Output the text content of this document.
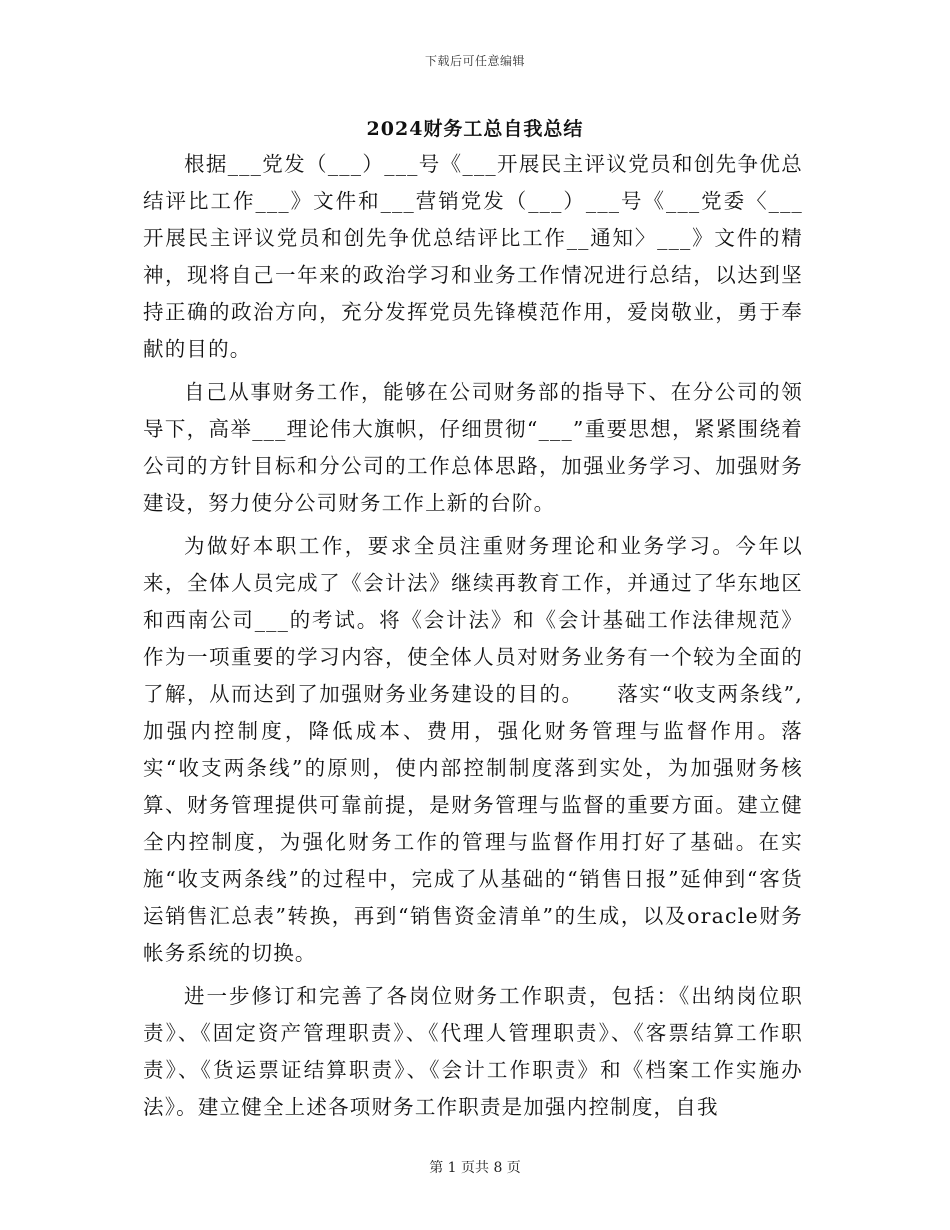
下载后可任意编辑
2024财务工总自我总结

根据___党发（___）___号《___开展民主评议党员和创先争优总结评比工作___》文件和___营销党发（___）___号《___党委〈___开展民主评议党员和创先争优总结评比工作__通知〉___》文件的精神，现将自己一年来的政治学习和业务工作情况进行总结，以达到坚持正确的政治方向，充分发挥党员先锋模范作用，爱岗敬业，勇于奉献的目的。

自己从事财务工作，能够在公司财务部的指导下、在分公司的领导下，高举___理论伟大旗帜，仔细贯彻“___”重要思想，紧紧围绕着公司的方针目标和分公司的工作总体思路，加强业务学习、加强财务建设，努力使分公司财务工作上新的台阶。

为做好本职工作，要求全员注重财务理论和业务学习。今年以来，全体人员完成了《会计法》继续再教育工作，并通过了华东地区和西南公司___的考试。将《会计法》和《会计基础工作法律规范》作为一项重要的学习内容，使全体人员对财务业务有一个较为全面的了解，从而达到了加强财务业务建设的目的。　　落实“收支两条线”,加强内控制度，降低成本、费用，强化财务管理与监督作用。落实“收支两条线”的原则，使内部控制制度落到实处，为加强财务核算、财务管理提供可靠前提，是财务管理与监督的重要方面。建立健全内控制度，为强化财务工作的管理与监督作用打好了基础。在实施“收支两条线”的过程中，完成了从基础的“销售日报”延伸到“客货运销售汇总表”转换，再到“销售资金清单”的生成，以及oracle财务帐务系统的切换。

进一步修订和完善了各岗位财务工作职责，包括：《出纳岗位职责》、《固定资产管理职责》、《代理人管理职责》、《客票结算工作职责》、《货运票证结算职责》、《会计工作职责》和《档案工作实施办法》。建立健全上述各项财务工作职责是加强内控制度，自我

第 1 页共 8 页
